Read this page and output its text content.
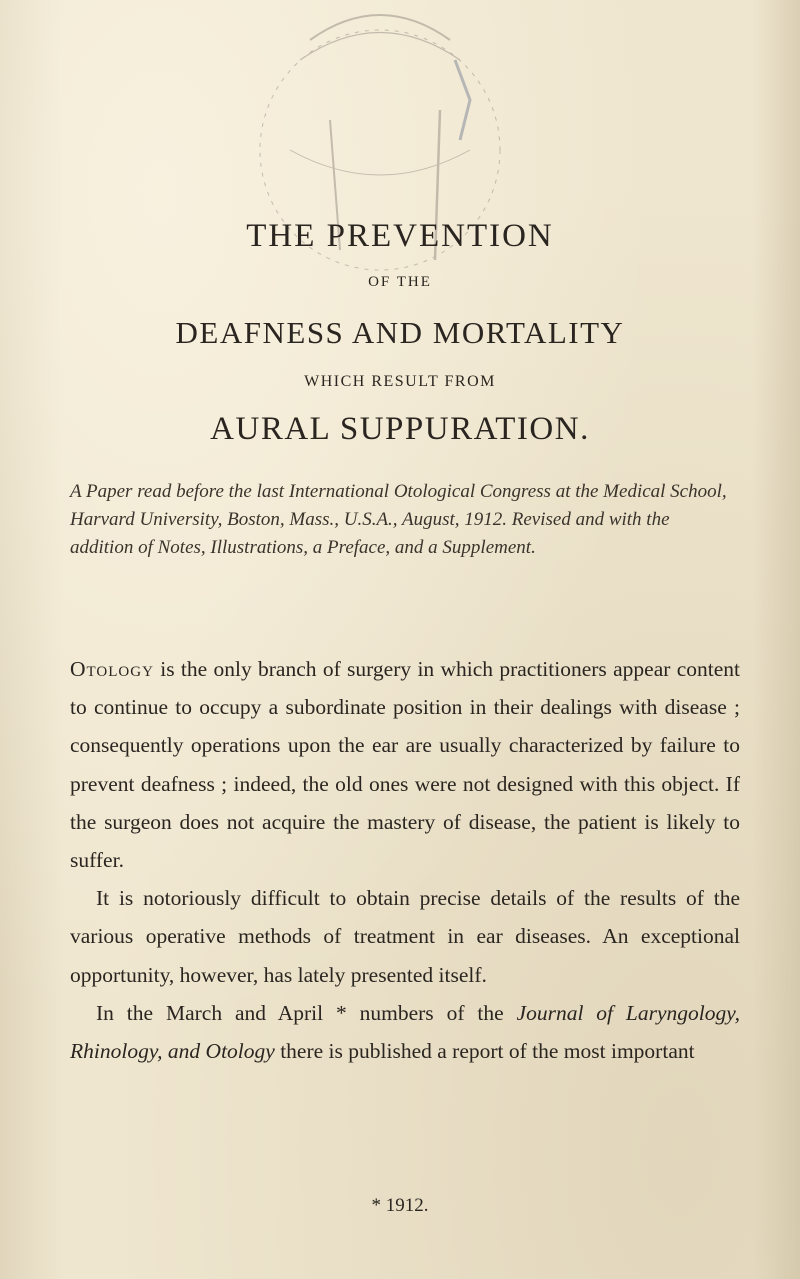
THE PREVENTION
OF THE
DEAFNESS AND MORTALITY
WHICH RESULT FROM
AURAL SUPPURATION.
A Paper read before the last International Otological Congress at the Medical School, Harvard University, Boston, Mass., U.S.A., August, 1912. Revised and with the addition of Notes, Illustrations, a Preface, and a Supplement.

Otology is the only branch of surgery in which practitioners appear content to continue to occupy a subordinate position in their dealings with disease ; consequently operations upon the ear are usually characterized by failure to prevent deafness ; indeed, the old ones were not designed with this object. If the surgeon does not acquire the mastery of disease, the patient is likely to suffer.

It is notoriously difficult to obtain precise details of the results of the various operative methods of treatment in ear diseases. An exceptional opportunity, however, has lately presented itself.

In the March and April * numbers of the Journal of Laryngology, Rhinology, and Otology there is published a report of the most important

* 1912.
